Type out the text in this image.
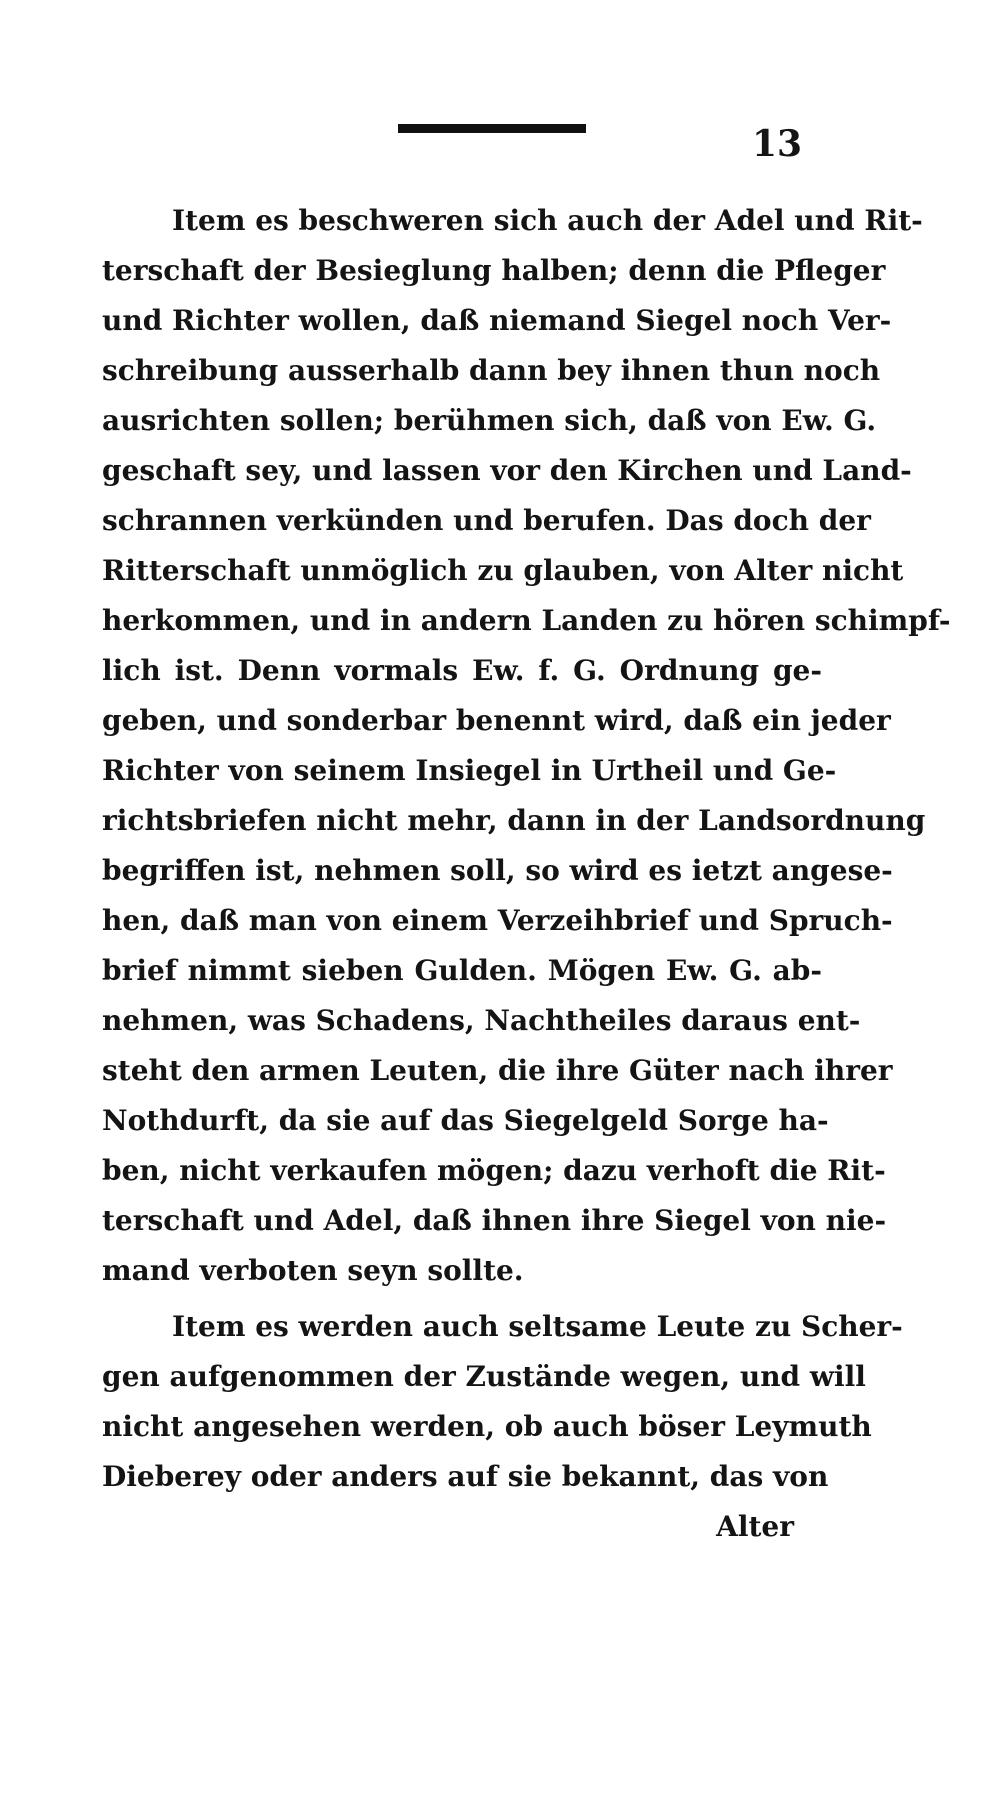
13
Item es beschweren sich auch der Adel und Rit-
terschaft der Besieglung halben; denn die Pfleger
und Richter wollen, daß niemand Siegel noch Ver-
schreibung ausserhalb dann bey ihnen thun noch
ausrichten sollen; berühmen sich, daß von Ew. G.
geschaft sey, und lassen vor den Kirchen und Land-
schrannen verkünden und berufen. Das doch der
Ritterschaft unmöglich zu glauben, von Alter nicht
herkommen, und in andern Landen zu hören schimpf-
lich ist. Denn vormals Ew. f. G. Ordnung ge-
geben, und sonderbar benennt wird, daß ein jeder
Richter von seinem Insiegel in Urtheil und Ge-
richtsbriefen nicht mehr, dann in der Landsordnung
begriffen ist, nehmen soll, so wird es ietzt angese-
hen, daß man von einem Verzeihbrief und Spruch-
brief nimmt sieben Gulden. Mögen Ew. G. ab-
nehmen, was Schadens, Nachtheiles daraus ent-
steht den armen Leuten, die ihre Güter nach ihrer
Nothdurft, da sie auf das Siegelgeld Sorge ha-
ben, nicht verkaufen mögen; dazu verhoft die Rit-
terschaft und Adel, daß ihnen ihre Siegel von nie-
mand verboten seyn sollte.
Item es werden auch seltsame Leute zu Scher-
gen aufgenommen der Zuständе wegen, und will
nicht angesehen werden, ob auch böser Leymuth
Dieberey oder anders auf sie bekannt, das von
Alter
